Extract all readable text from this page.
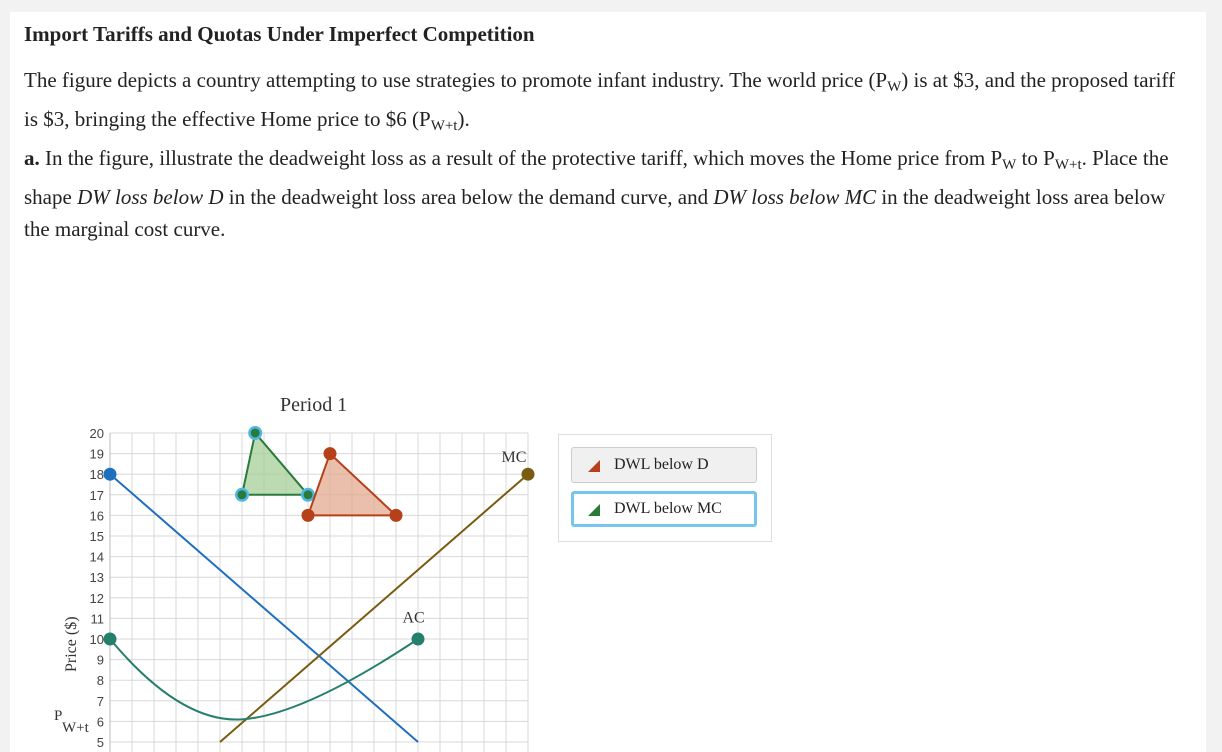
Import Tariffs and Quotas Under Imperfect Competition
The figure depicts a country attempting to use strategies to promote infant industry. The world price $(P_W)$ is at $3, and the proposed tariff is $3, bringing the effective Home price to $6 $(P_{W+t})$.
a. In the figure, illustrate the deadweight loss as a result of the protective tariff, which moves the Home price from $P_W$ to $P_{W+t}$. Place the shape DW loss below D in the deadweight loss area below the demand curve, and DW loss below MC in the deadweight loss area below the marginal cost curve.
Period 1
5
6
7
8
9
10
11
12
13
14
15
16
17
18
19
20
Price ($)
P
W+t
MC
AC
DWL below D
DWL below MC
